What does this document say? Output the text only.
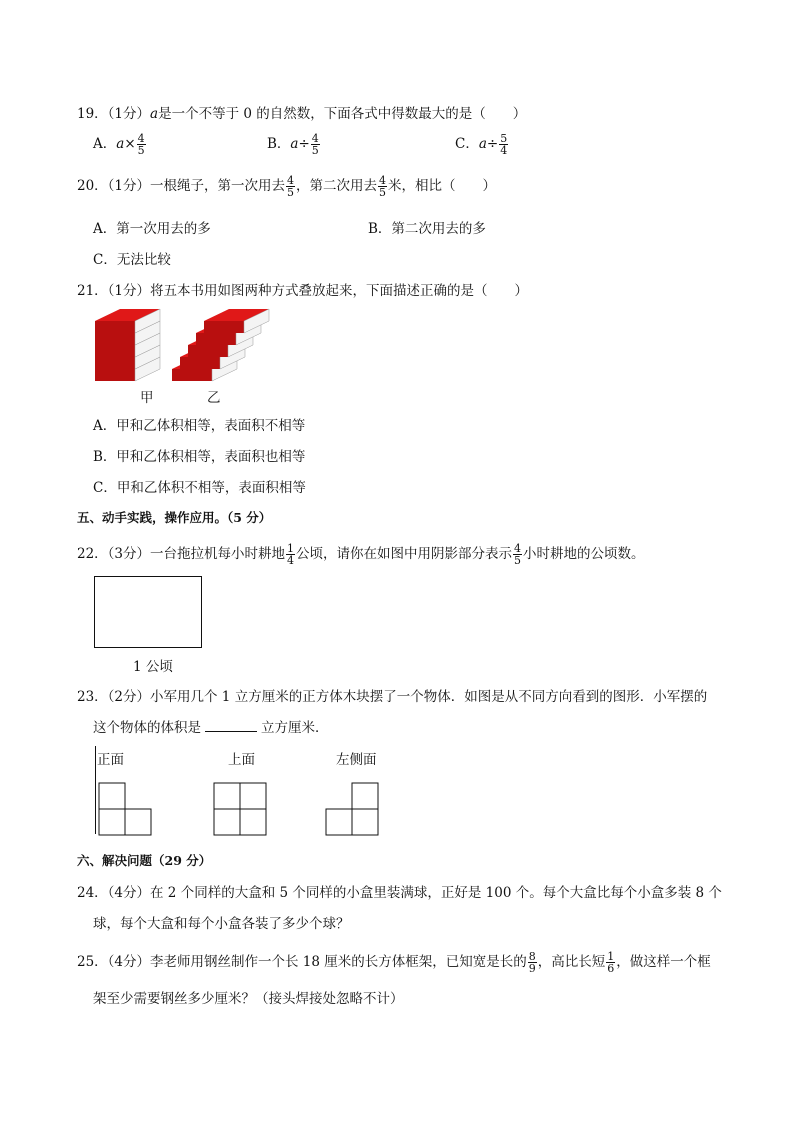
19．（1分）a是一个不等于 0 的自然数，下面各式中得数最大的是（　　）
A．$a\times \frac{4}{5}$	B．$a\div \frac{4}{5}$	C．$a\div \frac{5}{4}$
20．（1分）一根绳子，第一次用去 $\frac{4}{5}$ ，第二次用去 $\frac{4}{5}$ 米，相比（　　）
A．第一次用去的多	B．第二次用去的多
C．无法比较
21．（1分）将五本书用如图两种方式叠放起来，下面描述正确的是（　　）
甲	乙
A．甲和乙体积相等，表面积不相等
B．甲和乙体积相等，表面积也相等
C．甲和乙体积不相等，表面积相等
五、动手实践，操作应用。（5 分）
22．（3分）一台拖拉机每小时耕地 $\frac{1}{4}$ 公顷，请你在如图中用阴影部分表示 $\frac{4}{5}$ 小时耕地的公顷数。
1 公顷
23．（2分）小军用几个 1 立方厘米的正方体木块摆了一个物体．如图是从不同方向看到的图形．小军摆的
这个物体的体积是	立方厘米．
正面	上面	左侧面
六、解决问题（29 分）
24．（4分）在 2 个同样的大盒和 5 个同样的小盒里装满球，正好是 100 个。每个大盒比每个小盒多装 8 个
球，每个大盒和每个小盒各装了多少个球？
25．（4分）李老师用钢丝制作一个长 18 厘米的长方体框架，已知宽是长的 $\frac{8}{9}$ ，高比长短 $\frac{1}{6}$ ，做这样一个框
架至少需要钢丝多少厘米？（接头焊接处忽略不计）
